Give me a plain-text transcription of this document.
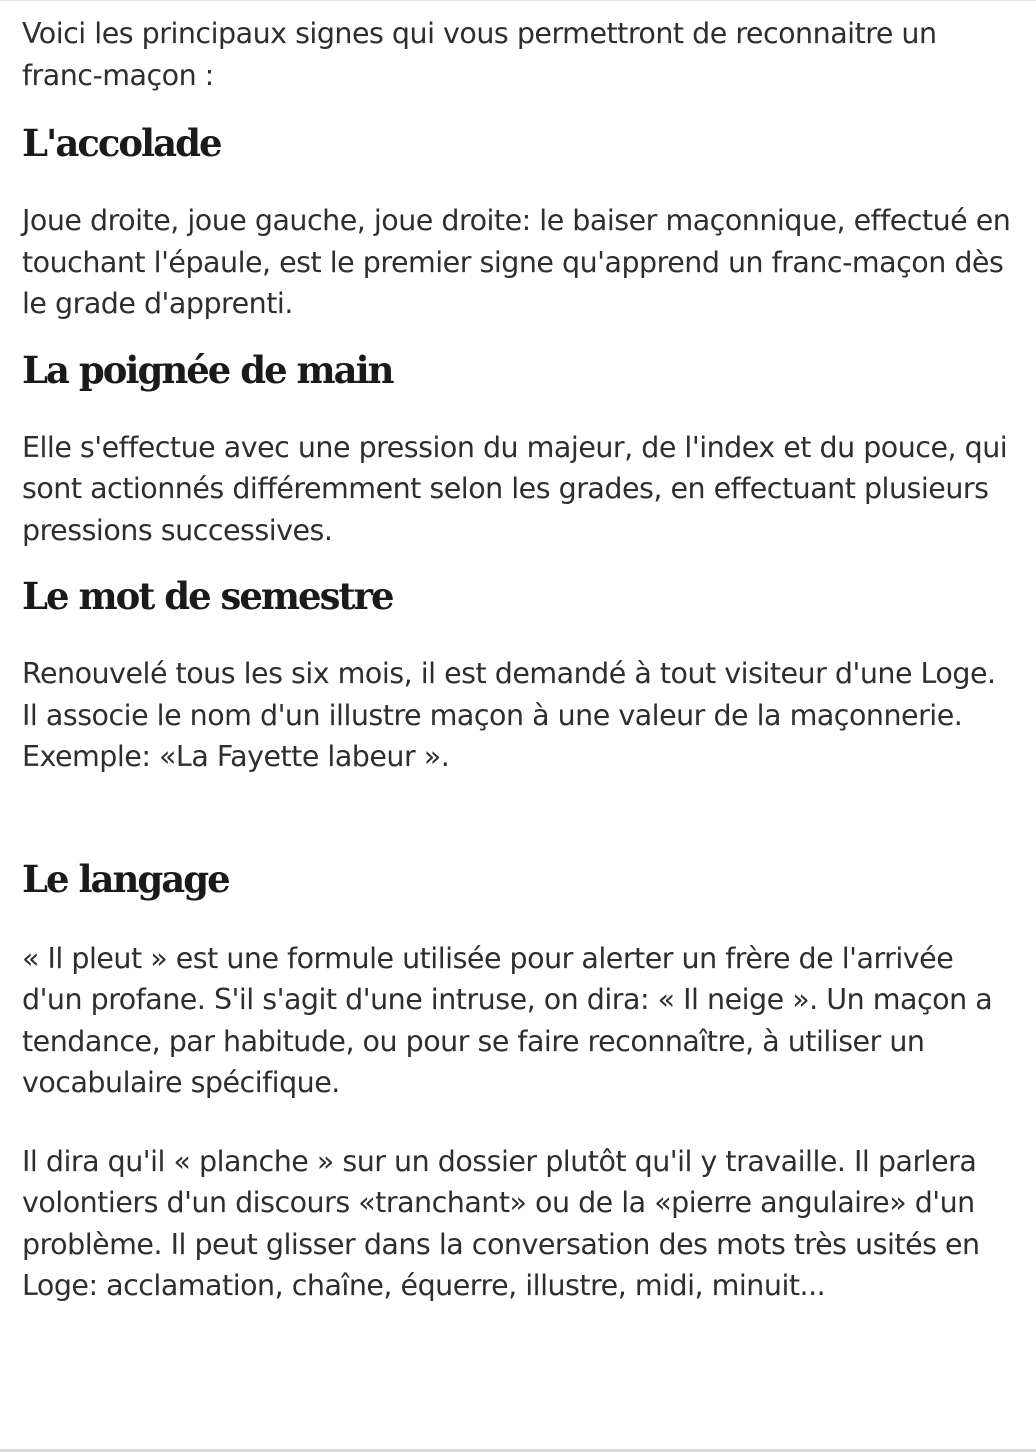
Voici les principaux signes qui vous permettront de reconnaitre un franc-maçon :

L'accolade

Joue droite, joue gauche, joue droite: le baiser maçonnique, effectué en touchant l'épaule, est le premier signe qu'apprend un franc-maçon dès le grade d'apprenti.

La poignée de main

Elle s'effectue avec une pression du majeur, de l'index et du pouce, qui sont actionnés différemment selon les grades, en effectuant plusieurs pressions successives.

Le mot de semestre

Renouvelé tous les six mois, il est demandé à tout visiteur d'une Loge. Il associe le nom d'un illustre maçon à une valeur de la maçonnerie. Exemple: «La Fayette labeur ».

Le langage

« Il pleut » est une formule utilisée pour alerter un frère de l'arrivée d'un profane. S'il s'agit d'une intruse, on dira: « Il neige ». Un maçon a tendance, par habitude, ou pour se faire reconnaître, à utiliser un vocabulaire spécifique.

Il dira qu'il « planche » sur un dossier plutôt qu'il y travaille. Il parlera volontiers d'un discours «tranchant» ou de la «pierre angulaire» d'un problème. Il peut glisser dans la conversation des mots très usités en Loge: acclamation, chaîne, équerre, illustre, midi, minuit...
